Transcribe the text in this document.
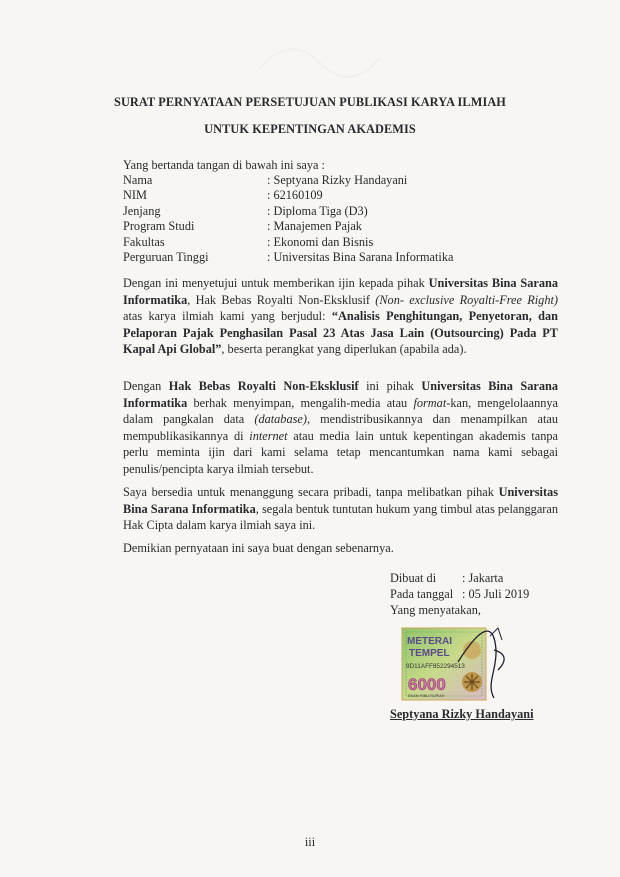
SURAT PERNYATAAN PERSETUJUAN PUBLIKASI KARYA ILMIAH
UNTUK KEPENTINGAN AKADEMIS
Yang bertanda tangan di bawah ini saya :
Nama	: Septyana Rizky Handayani
NIM	: 62160109
Jenjang	: Diploma Tiga (D3)
Program Studi	: Manajemen Pajak
Fakultas	: Ekonomi dan Bisnis
Perguruan Tinggi	: Universitas Bina Sarana Informatika
Dengan ini menyetujui untuk memberikan ijin kepada pihak Universitas Bina Sarana Informatika, Hak Bebas Royalti Non-Eksklusif (Non- exclusive Royalti-Free Right) atas karya ilmiah kami yang berjudul: “Analisis Penghitungan, Penyetoran, dan Pelaporan Pajak Penghasilan Pasal 23 Atas Jasa Lain (Outsourcing) Pada PT Kapal Api Global”, beserta perangkat yang diperlukan (apabila ada).
Dengan Hak Bebas Royalti Non-Eksklusif ini pihak Universitas Bina Sarana Informatika berhak menyimpan, mengalih-media atau format-kan, mengelolaannya dalam pangkalan data (database), mendistribusikannya dan menampilkan atau mempublikasikannya di internet atau media lain untuk kepentingan akademis tanpa perlu meminta ijin dari kami selama tetap mencantumkan nama kami sebagai penulis/pencipta karya ilmiah tersebut.
Saya bersedia untuk menanggung secara pribadi, tanpa melibatkan pihak Universitas Bina Sarana Informatika, segala bentuk tuntutan hukum yang timbul atas pelanggaran Hak Cipta dalam karya ilmiah saya ini.
Demikian pernyataan ini saya buat dengan sebenarnya.
Dibuat di	: Jakarta
Pada tanggal : 05 Juli 2019
Yang menyatakan,
METERAI
TEMPEL
9D11AFF852294513
6000
ENAM RIBU RUPIAH
Septyana Rizky Handayani
iii
